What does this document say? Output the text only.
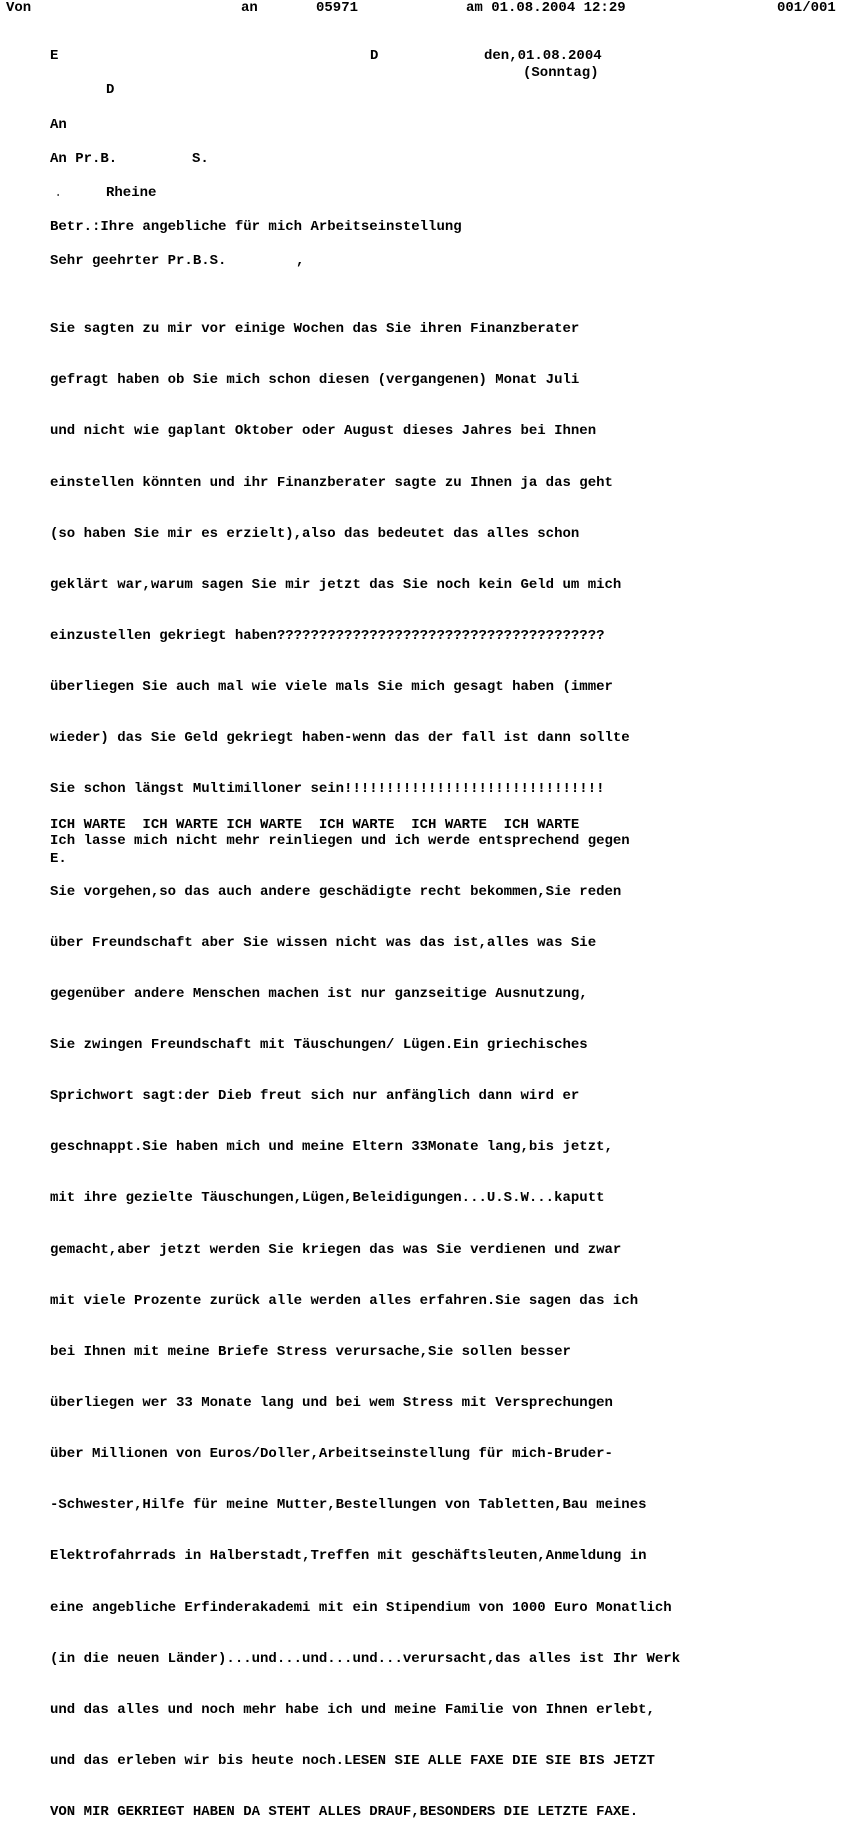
Von	an	05971	am 01.08.2004 12:29	001/001
E	D	den,01.08.2004
(Sonntag)
D
An
An Pr.B.	S.
.	Rheine
Betr.:Ihre angebliche für mich Arbeitseinstellung
Sehr geehrter Pr.B.S.	,

Sie sagten zu mir vor einige Wochen das Sie ihren Finanzberater

gefragt haben ob Sie mich schon diesen (vergangenen) Monat Juli

und nicht wie gaplant Oktober oder August dieses Jahres bei Ihnen

einstellen könnten und ihr Finanzberater sagte zu Ihnen ja das geht

(so haben Sie mir es erzielt),also das bedeutet das alles schon

geklärt war,warum sagen Sie mir jetzt das Sie noch kein Geld um mich

einzustellen gekriegt haben???????????????????????????????????????

überliegen Sie auch mal wie viele mals Sie mich gesagt haben (immer

wieder) das Sie Geld gekriegt haben-wenn das der fall ist dann sollte

Sie schon längst Multimilloner sein!!!!!!!!!!!!!!!!!!!!!!!!!!!!!!!

Ich lasse mich nicht mehr reinliegen und ich werde entsprechend gegen

Sie vorgehen,so das auch andere geschädigte recht bekommen,Sie reden

über Freundschaft aber Sie wissen nicht was das ist,alles was Sie

gegenüber andere Menschen machen ist nur ganzseitige Ausnutzung,

Sie zwingen Freundschaft mit Täuschungen/ Lügen.Ein griechisches

Sprichwort sagt:der Dieb freut sich nur anfänglich dann wird er

geschnappt.Sie haben mich und meine Eltern 33Monate lang,bis jetzt,

mit ihre gezielte Täuschungen,Lügen,Beleidigungen...U.S.W...kaputt

gemacht,aber jetzt werden Sie kriegen das was Sie verdienen und zwar

mit viele Prozente zurück alle werden alles erfahren.Sie sagen das ich

bei Ihnen mit meine Briefe Stress verursache,Sie sollen besser

überliegen wer 33 Monate lang und bei wem Stress mit Versprechungen

über Millionen von Euros/Doller,Arbeitseinstellung für mich-Bruder-

-Schwester,Hilfe für meine Mutter,Bestellungen von Tabletten,Bau meines

Elektrofahrrads in Halberstadt,Treffen mit geschäftsleuten,Anmeldung in

eine angebliche Erfinderakademi mit ein Stipendium von 1000 Euro Monatlich

(in die neuen Länder)...und...und...und...verursacht,das alles ist Ihr Werk

und das alles und noch mehr habe ich und meine Familie von Ihnen erlebt,

und das erleben wir bis heute noch.LESEN SIE ALLE FAXE DIE SIE BIS JETZT

VON MIR GEKRIEGT HABEN DA STEHT ALLES DRAUF,BESONDERS DIE LETZTE FAXE.

ICH WARTE  ICH WARTE ICH WARTE  ICH WARTE  ICH WARTE  ICH WARTE
E.
